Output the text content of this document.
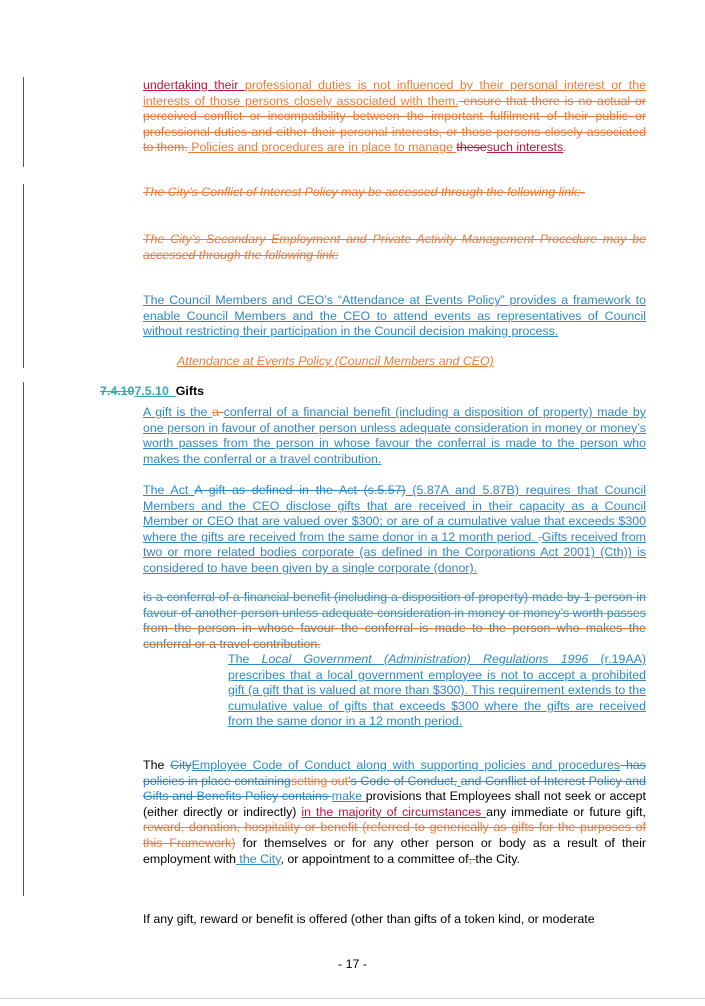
undertaking their professional duties is not influenced by their personal interest or the interests of those persons closely associated with them. ensure that there is no actual or perceived conflict or incompatibility between the important fulfilment of their public or professional duties and either their personal interests, or those persons closely associated to them. Policies and procedures are in place to manage thesesuch interests.
The City’s Conflict of Interest Policy may be accessed through the following link:-
The City’s Secondary Employment and Private Activity Management Procedure may be accessed through the following link:
The Council Members and CEO’s “Attendance at Events Policy” provides a framework to enable Council Members and the CEO to attend events as representatives of Council without restricting their participation in the Council decision making process.
Attendance at Events Policy (Council Members and CEO)
7.4.107.5.10 Gifts
A gift is the a conferral of a financial benefit (including a disposition of property) made by one person in favour of another person unless adequate consideration in money or money’s worth passes from the person in whose favour the conferral is made to the person who makes the conferral or a travel contribution.
The Act A gift as defined in the Act (s.5.57) (5.87A and 5.87B) requires that Council Members and the CEO disclose gifts that are received in their capacity as a Council Member or CEO that are valued over $300; or are of a cumulative value that exceeds $300 where the gifts are received from the same donor in a 12 month period. .Gifts received from two or more related bodies corporate (as defined in the Corporations Act 2001) (Cth)) is considered to have been given by a single corporate (donor).
is a conferral of a financial benefit (including a disposition of property) made by 1 person in favour of another person unless adequate consideration in money or money’s worth passes from the person in whose favour the conferral is made to the person who makes the conferral or a travel contribution.
The Local Government (Administration) Regulations 1996 (r.19AA) prescribes that a local government employee is not to accept a prohibited gift (a gift that is valued at more than $300). This requirement extends to the cumulative value of gifts that exceeds $300 where the gifts are received from the same donor in a 12 month period.
The CityEmployee Code of Conduct along with supporting policies and procedures has policies in place containingsetting out’s Code of Conduct, and Conflict of Interest Policy and Gifts and Benefits Policy contains make provisions that Employees shall not seek or accept (either directly or indirectly) in the majority of circumstances any immediate or future gift, reward, donation, hospitality or benefit (referred to generically as gifts for the purposes of this Framework) for themselves or for any other person or body as a result of their employment with the City, or appointment to a committee of, the City.
If any gift, reward or benefit is offered (other than gifts of a token kind, or moderate
- 17 -
